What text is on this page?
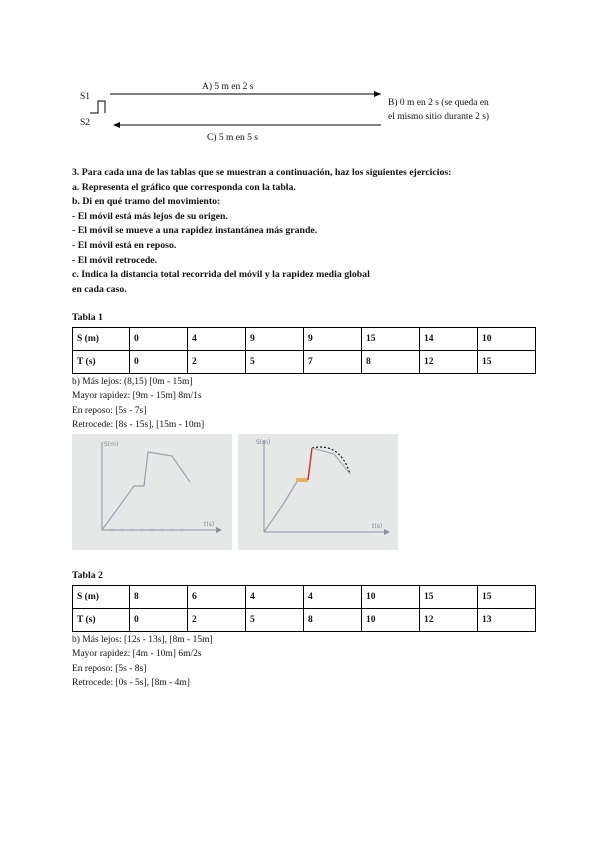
S1
S2
A) 5 m en 2 s
B) 0 m en 2 s (se queda en
el mismo sitio durante 2 s)
C) 5 m en 5 s
3. Para cada una de las tablas que se muestran a continuación, haz los siguientes ejercicios:
a. Representa el gráfico que corresponda con la tabla.
b. Di en qué tramo del movimiento:
- El móvil está más lejos de su origen.
- El móvil se mueve a una rapidez instantánea más grande.
- El móvil está en reposo.
- El móvil retrocede.
c. Indica la distancia total recorrida del móvil y la rapidez media global
en cada caso.
Tabla 1
S (m)	0	4	9	9	15	14	10
T (s)	0	2	5	7	8	12	15
b) Más lejos: (8,15) [0m - 15m]
Mayor rapidez: [9m - 15m] 8m/1s
En reposo: [5s - 7s]
Retrocede: [8s - 15s], [15m - 10m]
S(m)
t(s)
S(m)
t(s)
Tabla 2
S (m)	8	6	4	4	10	15	15
T (s)	0	2	5	8	10	12	13
b) Más lejos: [12s - 13s], [8m - 15m]
Mayor rapidez: [4m - 10m] 6m/2s
En reposo: [5s - 8s]
Retrocede: [0s - 5s], [8m - 4m]
